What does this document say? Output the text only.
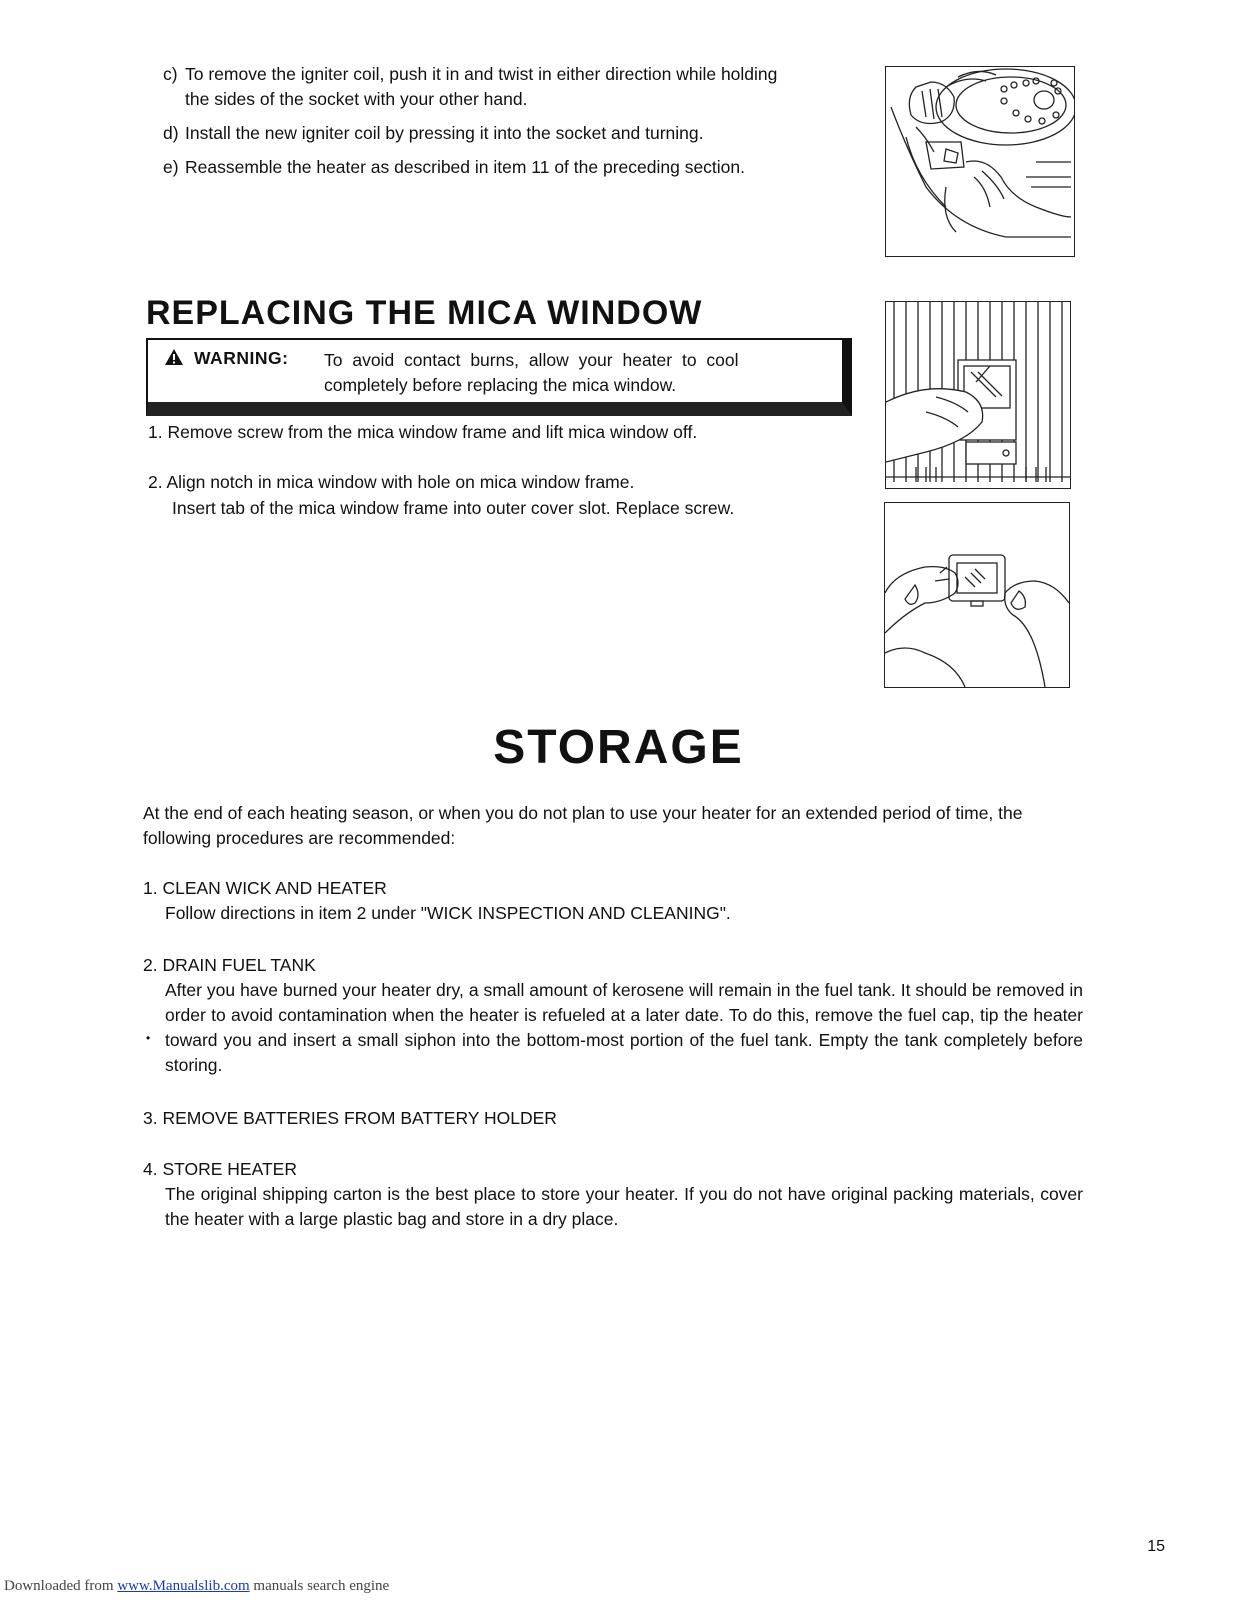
c) To remove the igniter coil, push it in and twist in either direction while holding
the sides of the socket with your other hand.
d) Install the new igniter coil by pressing it into the socket and turning.
e) Reassemble the heater as described in item 11 of the preceding section.
REPLACING THE MICA WINDOW
WARNING: To avoid contact burns, allow your heater to cool
completely before replacing the mica window.
1. Remove screw from the mica window frame and lift mica window off.
2. Align notch in mica window with hole on mica window frame.
Insert tab of the mica window frame into outer cover slot. Replace screw.
STORAGE
At the end of each heating season, or when you do not plan to use your heater for an extended period of time, the following procedures are recommended:
1. CLEAN WICK AND HEATER
Follow directions in item 2 under "WICK INSPECTION AND CLEANING".
2. DRAIN FUEL TANK
After you have burned your heater dry, a small amount of kerosene will remain in the fuel tank. It should be removed in order to avoid contamination when the heater is refueled at a later date. To do this, remove the fuel cap, tip the heater toward you and insert a small siphon into the bottom-most portion of the fuel tank. Empty the tank completely before storing.
•
3. REMOVE BATTERIES FROM BATTERY HOLDER
4. STORE HEATER
The original shipping carton is the best place to store your heater. If you do not have original packing materials, cover the heater with a large plastic bag and store in a dry place.
15
Downloaded from www.Manualslib.com manuals search engine
